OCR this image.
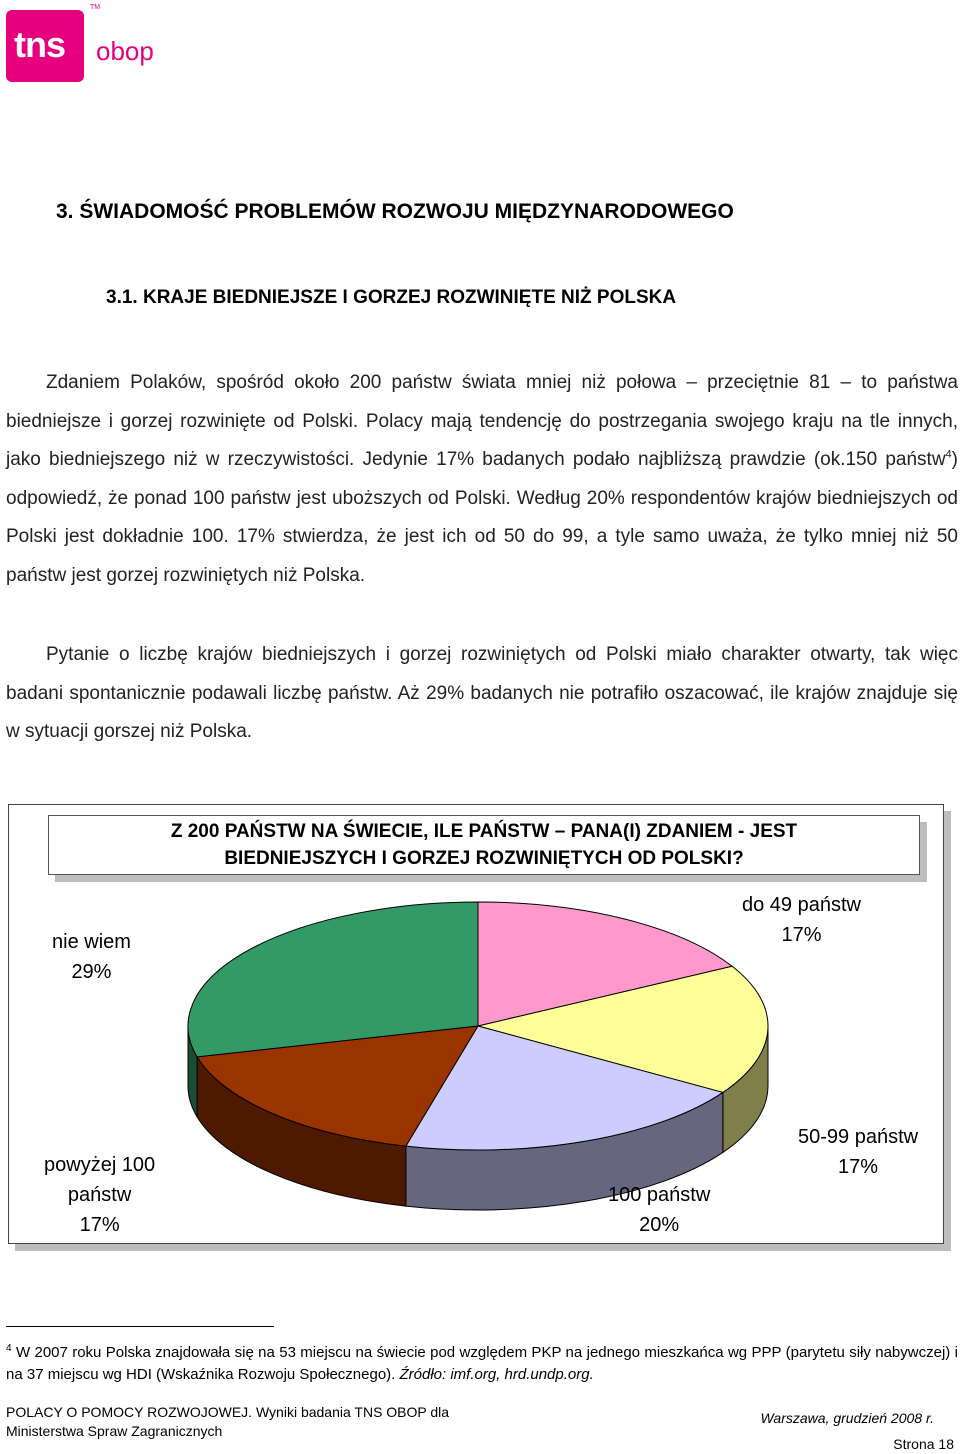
tns
TM
obop
3. ŚWIADOMOŚĆ PROBLEMÓW ROZWOJU MIĘDZYNARODOWEGO
3.1. KRAJE BIEDNIEJSZE I GORZEJ ROZWINIĘTE NIŻ POLSKA
Zdaniem Polaków, spośród około 200 państw świata mniej niż połowa – przeciętnie 81 – to państwa biedniejsze i gorzej rozwinięte od Polski. Polacy mają tendencję do postrzegania swojego kraju na tle innych, jako biedniejszego niż w rzeczywistości. Jedynie 17% badanych podało najbliższą prawdzie (ok.150 państw$^4$) odpowiedź, że ponad 100 państw jest uboższych od Polski. Według 20% respondentów krajów biedniejszych od Polski jest dokładnie 100. 17% stwierdza, że jest ich od 50 do 99, a tyle samo uważa, że tylko mniej niż 50 państw jest gorzej rozwiniętych niż Polska.
Pytanie o liczbę krajów biedniejszych i gorzej rozwiniętych od Polski miało charakter otwarty, tak więc badani spontanicznie podawali liczbę państw. Aż 29% badanych nie potrafiło oszacować, ile krajów znajduje się w sytuacji gorszej niż Polska.
Z 200 PAŃSTW NA ŚWIECIE, ILE PAŃSTW – PANA(I) ZDANIEM - JEST
BIEDNIEJSZYCH I GORZEJ ROZWINIĘTYCH OD POLSKI?
do 49 państw
17%
50-99 państw
17%
100 państw
20%
powyżej 100
państw
17%
nie wiem
29%
$^4$ W 2007 roku Polska znajdowała się na 53 miejscu na świecie pod względem PKP na jednego mieszkańca wg PPP (parytetu siły nabywczej) i na 37 miejscu wg HDI (Wskaźnika Rozwoju Społecznego). Źródło: imf.org, hrd.undp.org.
POLACY O POMOCY ROZWOJOWEJ. Wyniki badania TNS OBOP dla
Ministerstwa Spraw Zagranicznych
Warszawa, grudzień 2008 r.
Strona 18
